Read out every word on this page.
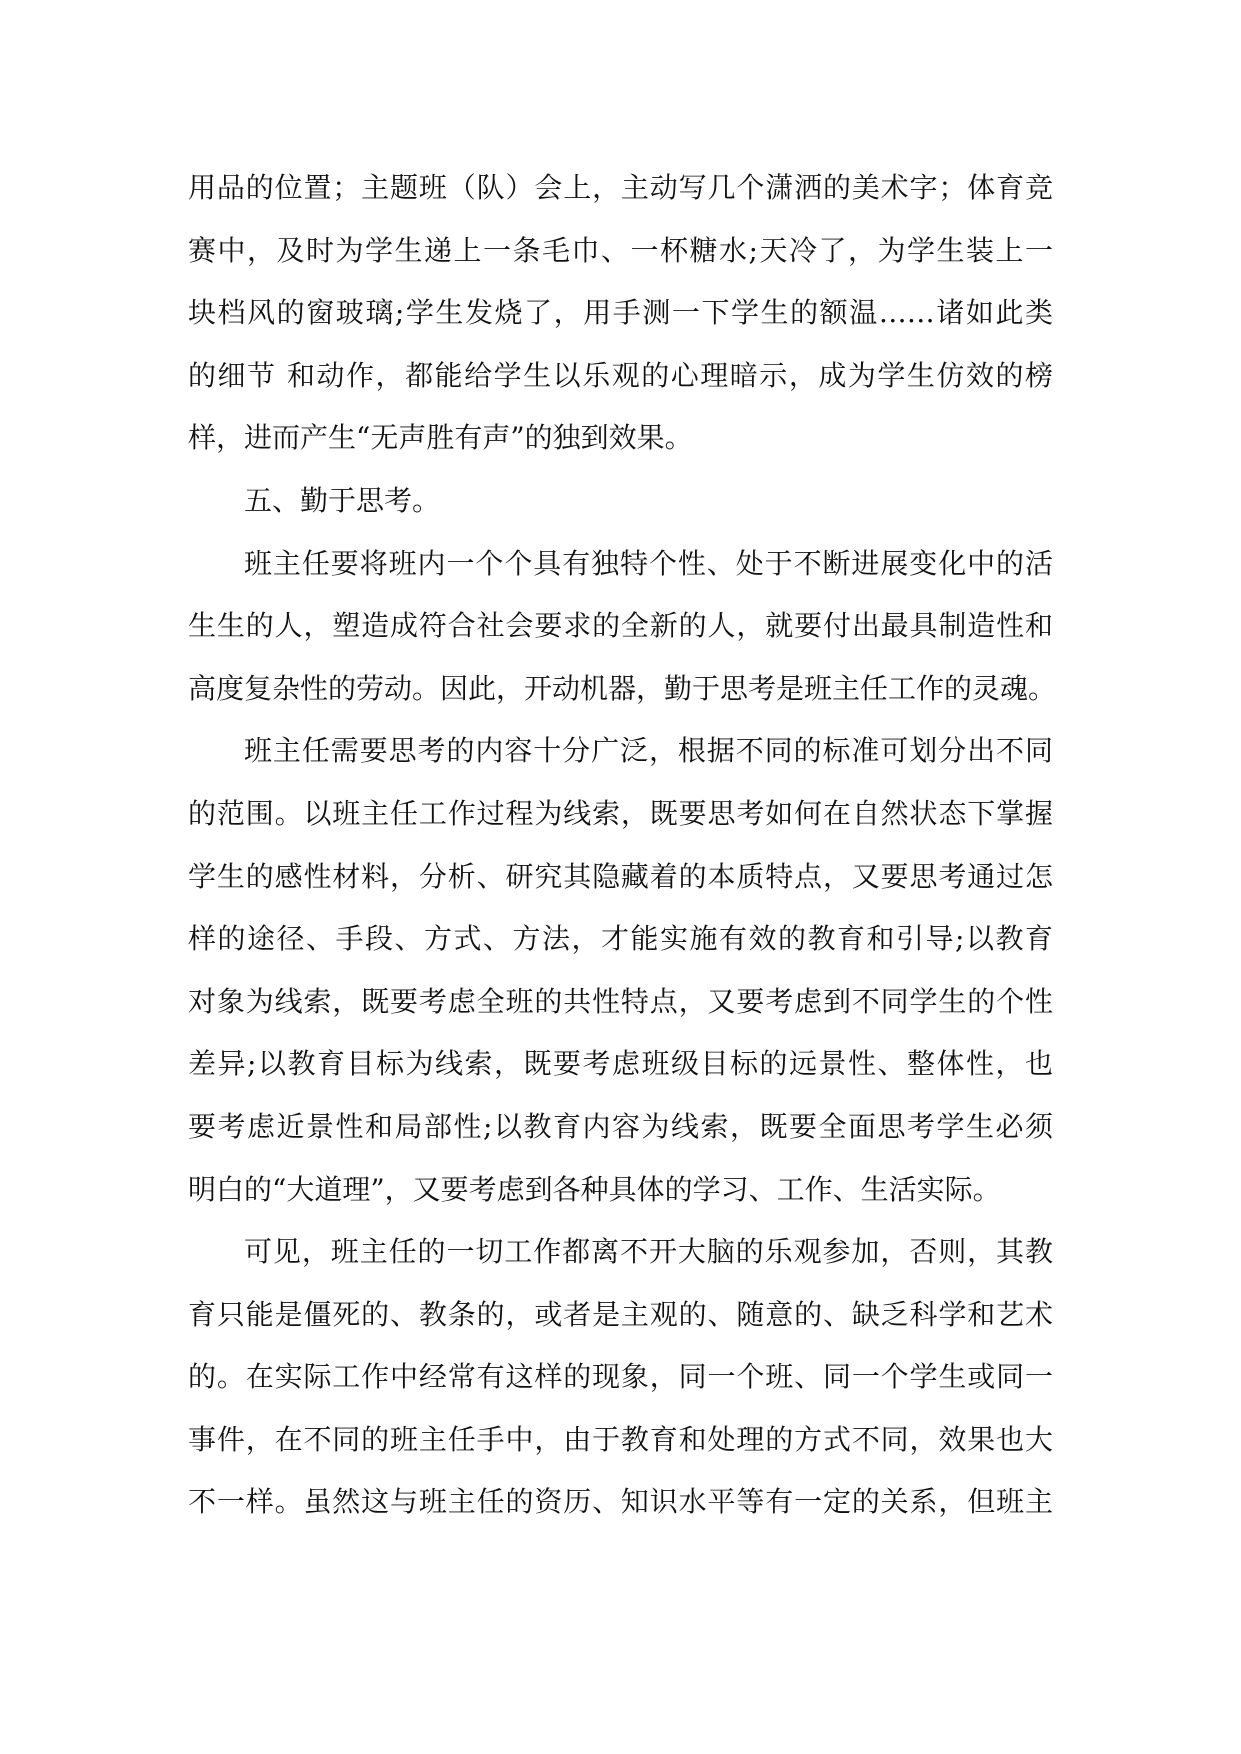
用品的位置；主题班（队）会上，主动写几个潇洒的美术字；体育竞

赛中，及时为学生递上一条毛巾、一杯糖水;天冷了，为学生装上一

块档风的窗玻璃;学生发烧了，用手测一下学生的额温……诸如此类

的细节 和动作，都能给学生以乐观的心理暗示，成为学生仿效的榜

样，进而产生“无声胜有声”的独到效果。

五、勤于思考。

班主任要将班内一个个具有独特个性、处于不断进展变化中的活

生生的人，塑造成符合社会要求的全新的人，就要付出最具制造性和

高度复杂性的劳动。因此，开动机器，勤于思考是班主任工作的灵魂。

班主任需要思考的内容十分广泛，根据不同的标准可划分出不同

的范围。以班主任工作过程为线索，既要思考如何在自然状态下掌握

学生的感性材料，分析、研究其隐藏着的本质特点，又要思考通过怎

样的途径、手段、方式、方法，才能实施有效的教育和引导;以教育

对象为线索，既要考虑全班的共性特点，又要考虑到不同学生的个性

差异;以教育目标为线索，既要考虑班级目标的远景性、整体性，也

要考虑近景性和局部性;以教育内容为线索，既要全面思考学生必须

明白的“大道理”，又要考虑到各种具体的学习、工作、生活实际。

可见，班主任的一切工作都离不开大脑的乐观参加，否则，其教

育只能是僵死的、教条的，或者是主观的、随意的、缺乏科学和艺术

的。在实际工作中经常有这样的现象，同一个班、同一个学生或同一

事件，在不同的班主任手中，由于教育和处理的方式不同，效果也大

不一样。虽然这与班主任的资历、知识水平等有一定的关系，但班主
